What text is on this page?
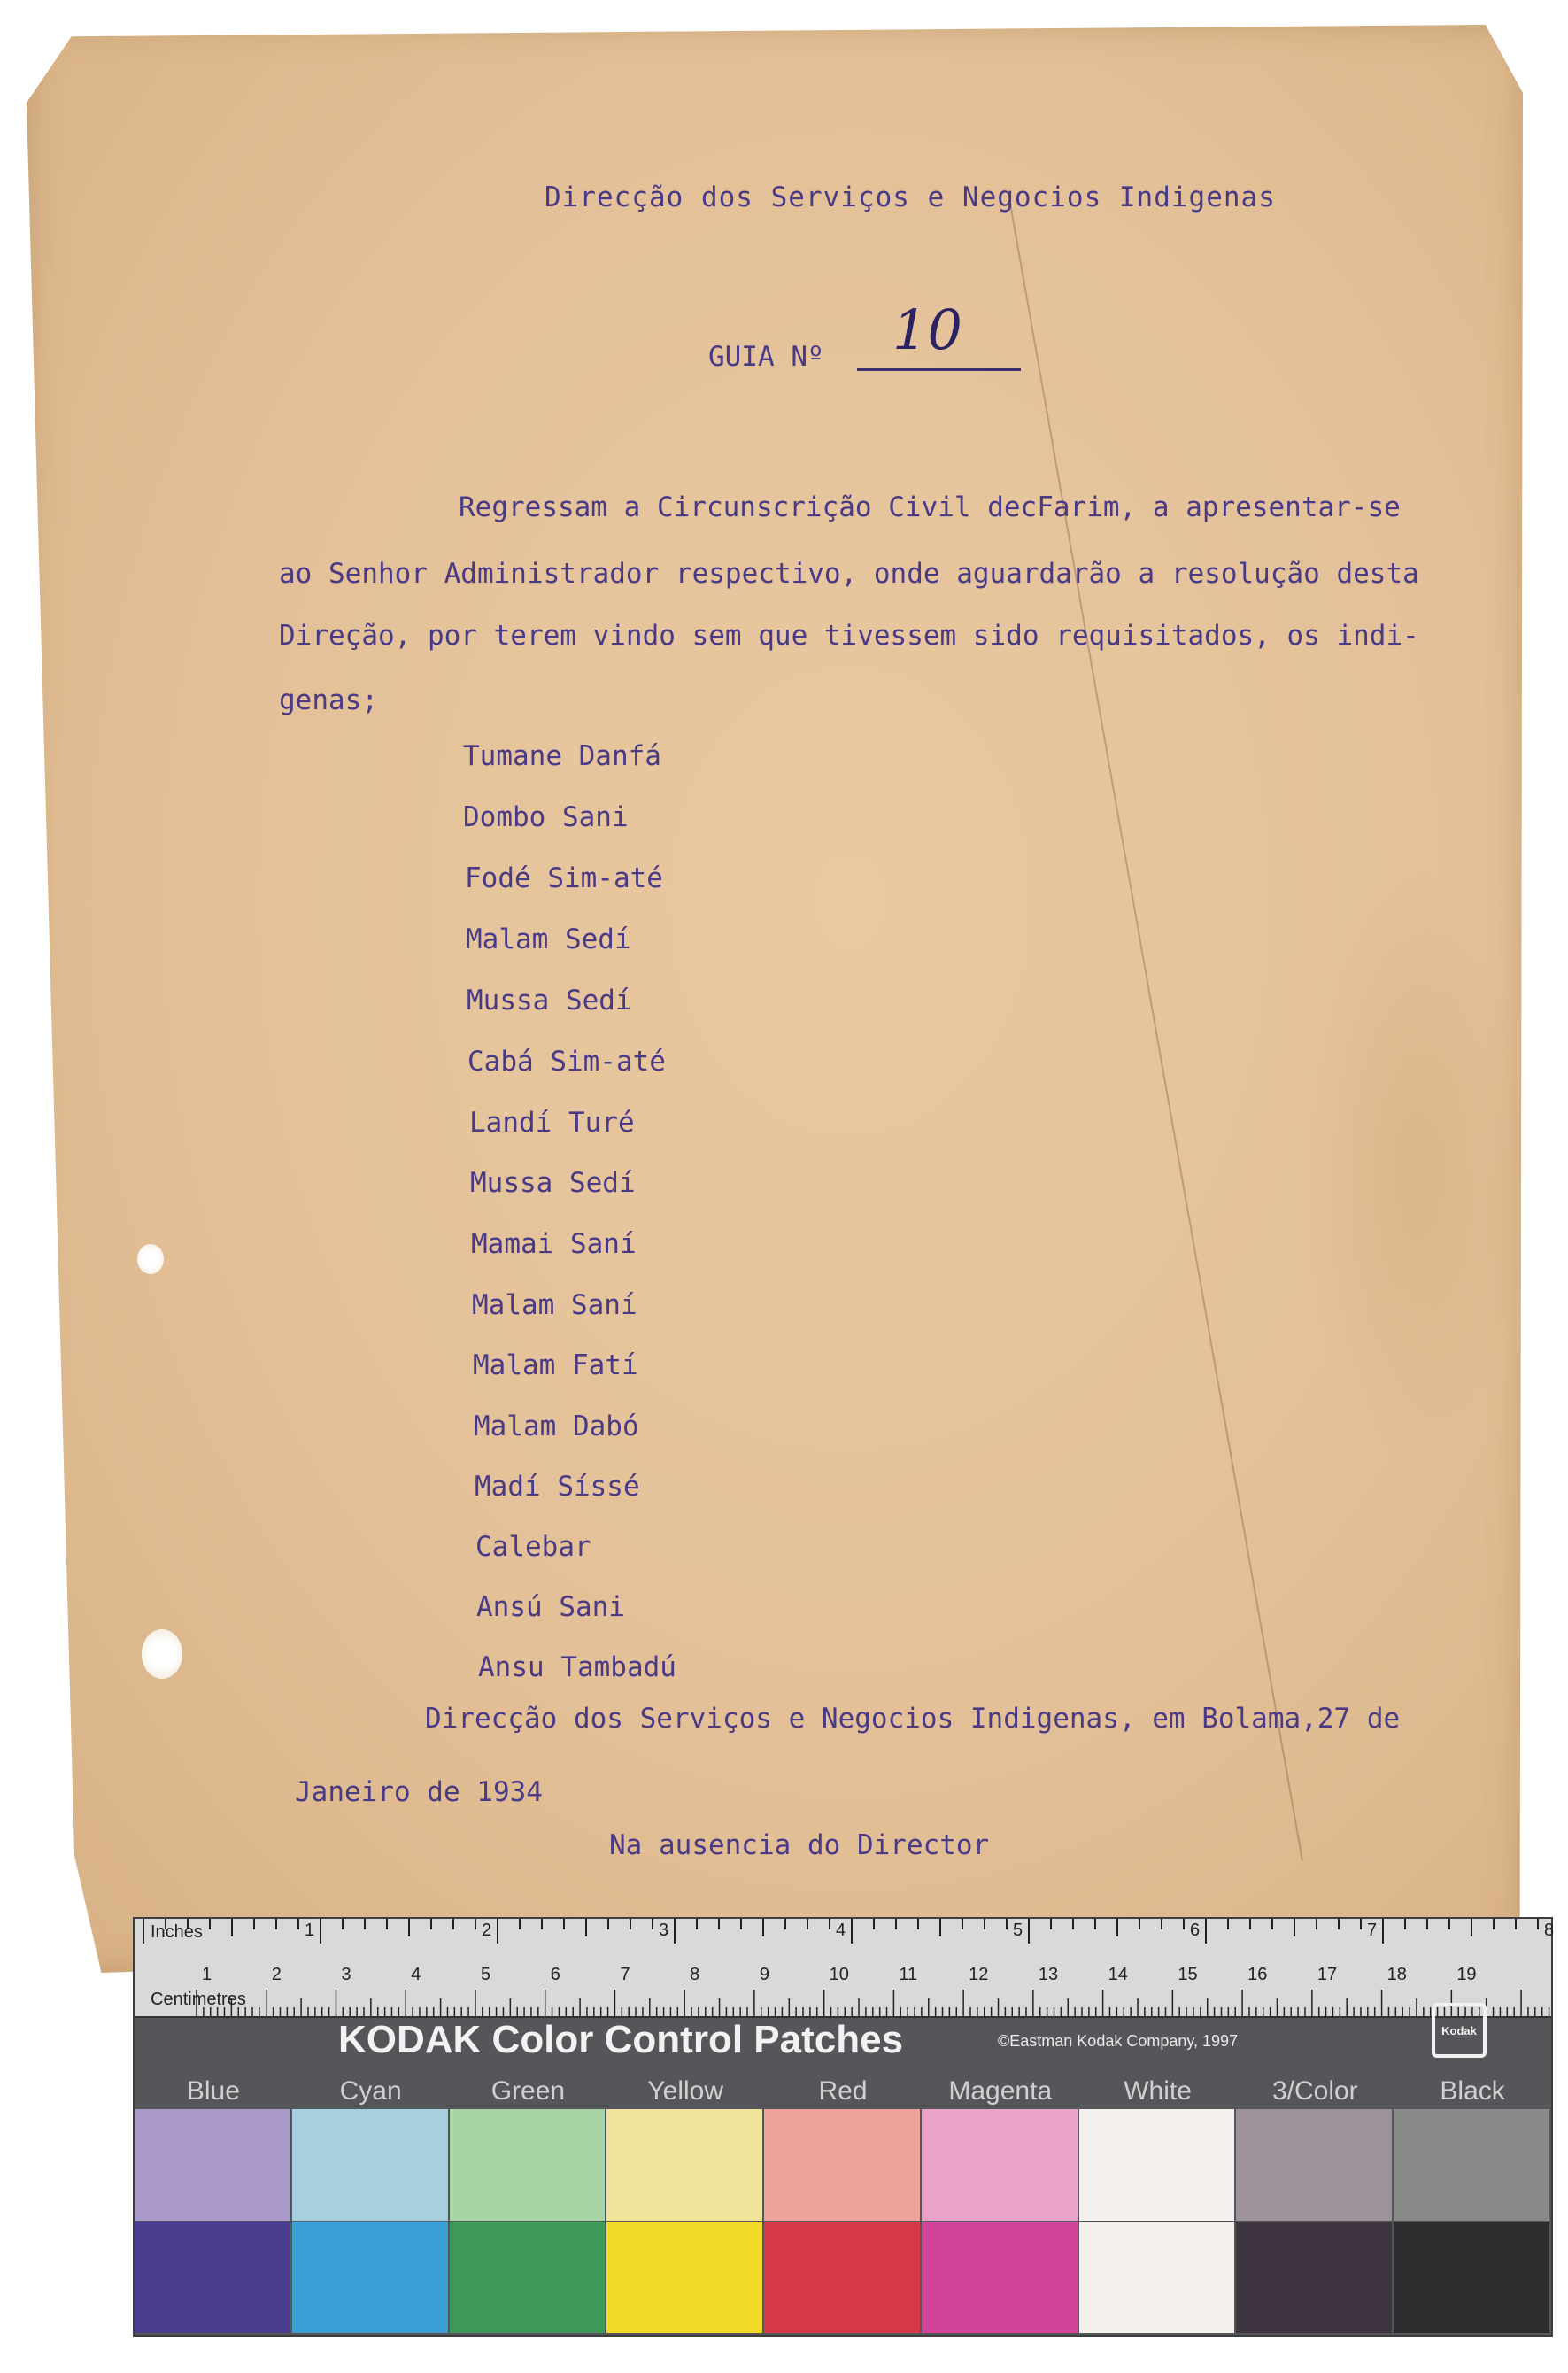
Direcção dos Serviços e Negocios Indigenas
GUIA Nº 10
Regressam a Circunscrição Civil decFarim, a apresentar-se
ao Senhor Administrador respectivo, onde aguardarão a resolução desta
Direção, por terem vindo sem que tivessem sido requisitados, os indi-
genas;
Tumane Danfá
Dombo Sani
Fodé Sim-até
Malam Sedí
Mussa Sedí
Cabá Sim-até
Landí Turé
Mussa Sedí
Mamai Saní
Malam Saní
Malam Fatí
Malam Dabó
Madí Síssé
Calebar
Ansú Sani
Ansu Tambadú
Direcção dos Serviços e Negocios Indigenas, em Bolama,27 de
Janeiro de 1934
Na ausencia do Director
Inches	1	2	3	4	5	6	7	8
1	2	3	4	5	6	7	8	9	10	11	12	13	14	15	16	17	18	19
Centimetres
KODAK Color Control Patches	©Eastman Kodak Company, 1997
Kodak
Blue	Cyan	Green	Yellow	Red	Magenta	White	3/Color	Black
